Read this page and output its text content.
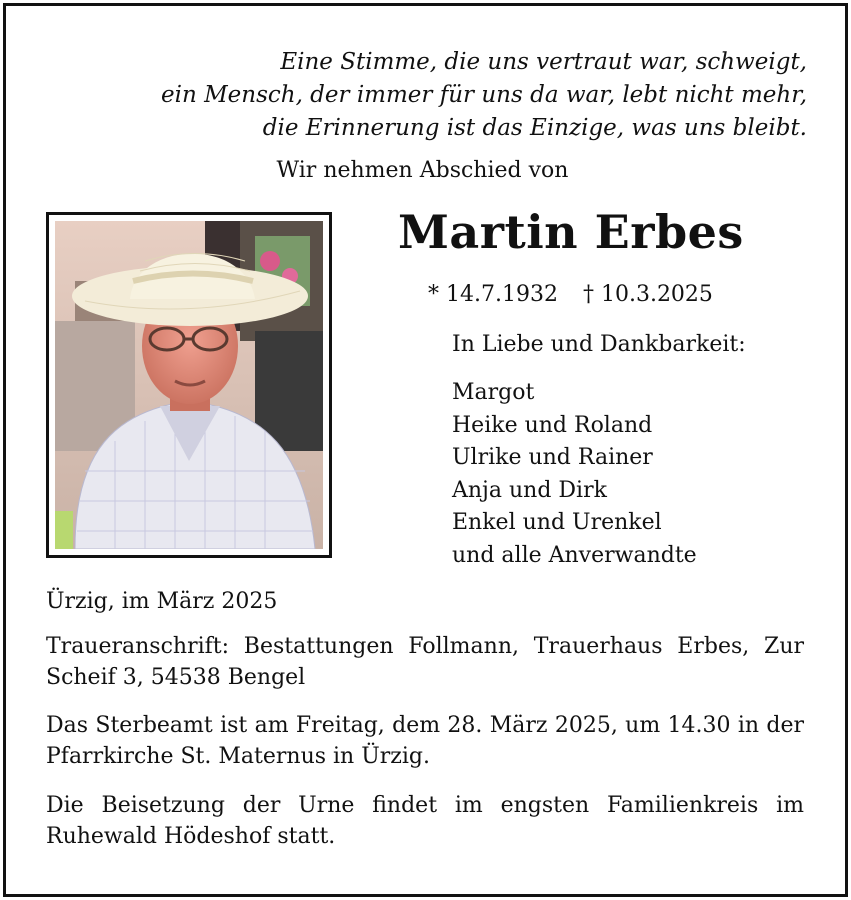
Eine Stimme, die uns vertraut war, schweigt,
ein Mensch, der immer für uns da war, lebt nicht mehr,
die Erinnerung ist das Einzige, was uns bleibt.
Wir nehmen Abschied von
Martin Erbes
* 14.7.1932 † 10.3.2025
In Liebe und Dankbarkeit:
Margot
Heike und Roland
Ulrike und Rainer
Anja und Dirk
Enkel und Urenkel
und alle Anverwandte

Ürzig, im März 2025

Traueranschrift: Bestattungen Follmann, Trauerhaus Erbes, Zur Scheif 3, 54538 Bengel

Das Sterbeamt ist am Freitag, dem 28. März 2025, um 14.30 in der Pfarrkirche St. Maternus in Ürzig.

Die Beisetzung der Urne findet im engsten Familienkreis im Ruhewald Hödeshof statt.
